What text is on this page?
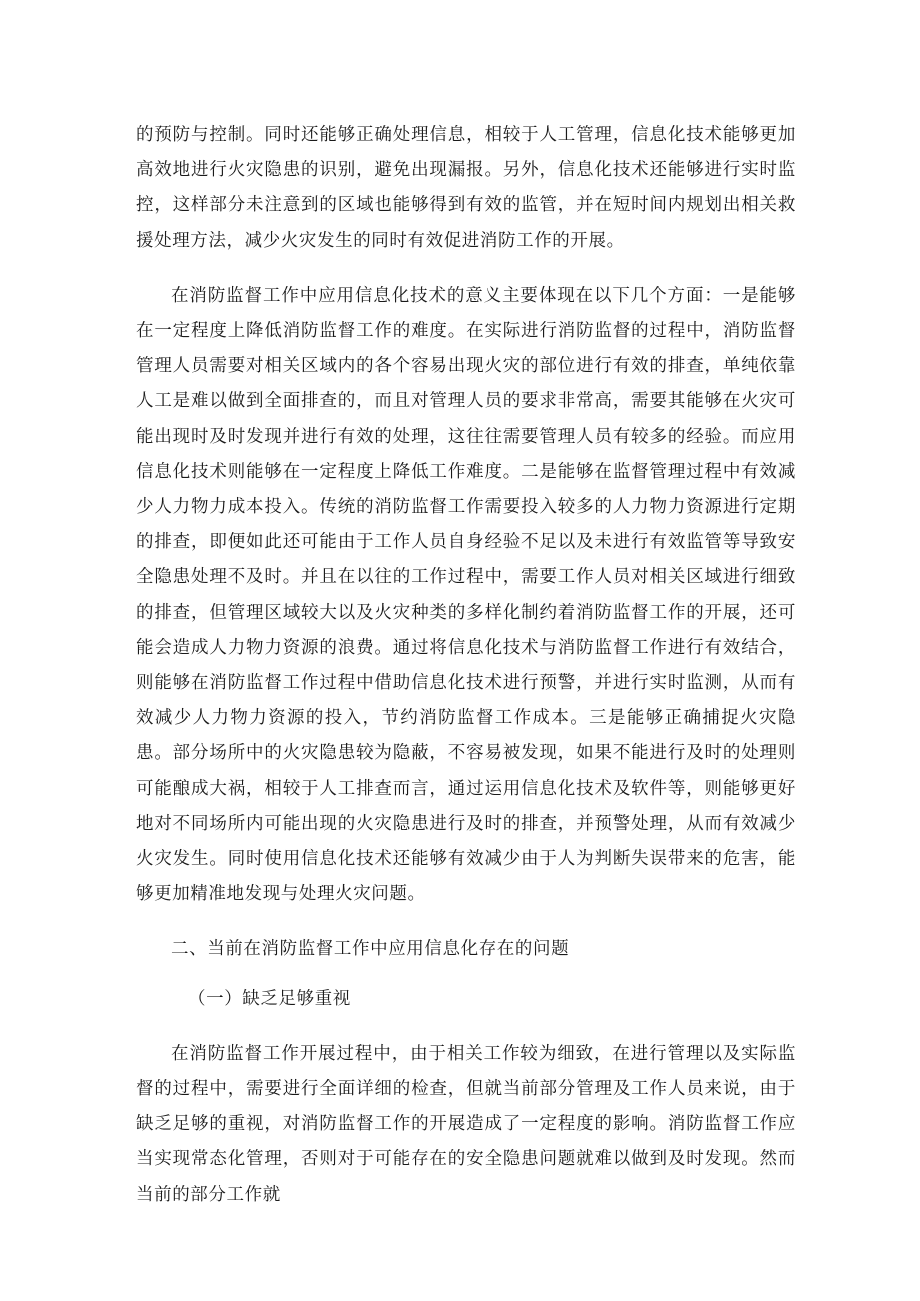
的预防与控制。同时还能够正确处理信息，相较于人工管理，信息化技术能够更加高效地进行火灾隐患的识别，避免出现漏报。另外，信息化技术还能够进行实时监控，这样部分未注意到的区域也能够得到有效的监管，并在短时间内规划出相关救援处理方法，减少火灾发生的同时有效促进消防工作的开展。

在消防监督工作中应用信息化技术的意义主要体现在以下几个方面：一是能够在一定程度上降低消防监督工作的难度。在实际进行消防监督的过程中，消防监督管理人员需要对相关区域内的各个容易出现火灾的部位进行有效的排查，单纯依靠人工是难以做到全面排查的，而且对管理人员的要求非常高，需要其能够在火灾可能出现时及时发现并进行有效的处理，这往往需要管理人员有较多的经验。而应用信息化技术则能够在一定程度上降低工作难度。二是能够在监督管理过程中有效减少人力物力成本投入。传统的消防监督工作需要投入较多的人力物力资源进行定期的排查，即便如此还可能由于工作人员自身经验不足以及未进行有效监管等导致安全隐患处理不及时。并且在以往的工作过程中，需要工作人员对相关区域进行细致的排查，但管理区域较大以及火灾种类的多样化制约着消防监督工作的开展，还可能会造成人力物力资源的浪费。通过将信息化技术与消防监督工作进行有效结合，则能够在消防监督工作过程中借助信息化技术进行预警，并进行实时监测，从而有效减少人力物力资源的投入，节约消防监督工作成本。三是能够正确捕捉火灾隐患。部分场所中的火灾隐患较为隐蔽，不容易被发现，如果不能进行及时的处理则可能酿成大祸，相较于人工排查而言，通过运用信息化技术及软件等，则能够更好地对不同场所内可能出现的火灾隐患进行及时的排查，并预警处理，从而有效减少火灾发生。同时使用信息化技术还能够有效减少由于人为判断失误带来的危害，能够更加精准地发现与处理火灾问题。

二、当前在消防监督工作中应用信息化存在的问题

（一）缺乏足够重视

在消防监督工作开展过程中，由于相关工作较为细致，在进行管理以及实际监督的过程中，需要进行全面详细的检查，但就当前部分管理及工作人员来说，由于缺乏足够的重视，对消防监督工作的开展造成了一定程度的影响。消防监督工作应当实现常态化管理，否则对于可能存在的安全隐患问题就难以做到及时发现。然而当前的部分工作就
